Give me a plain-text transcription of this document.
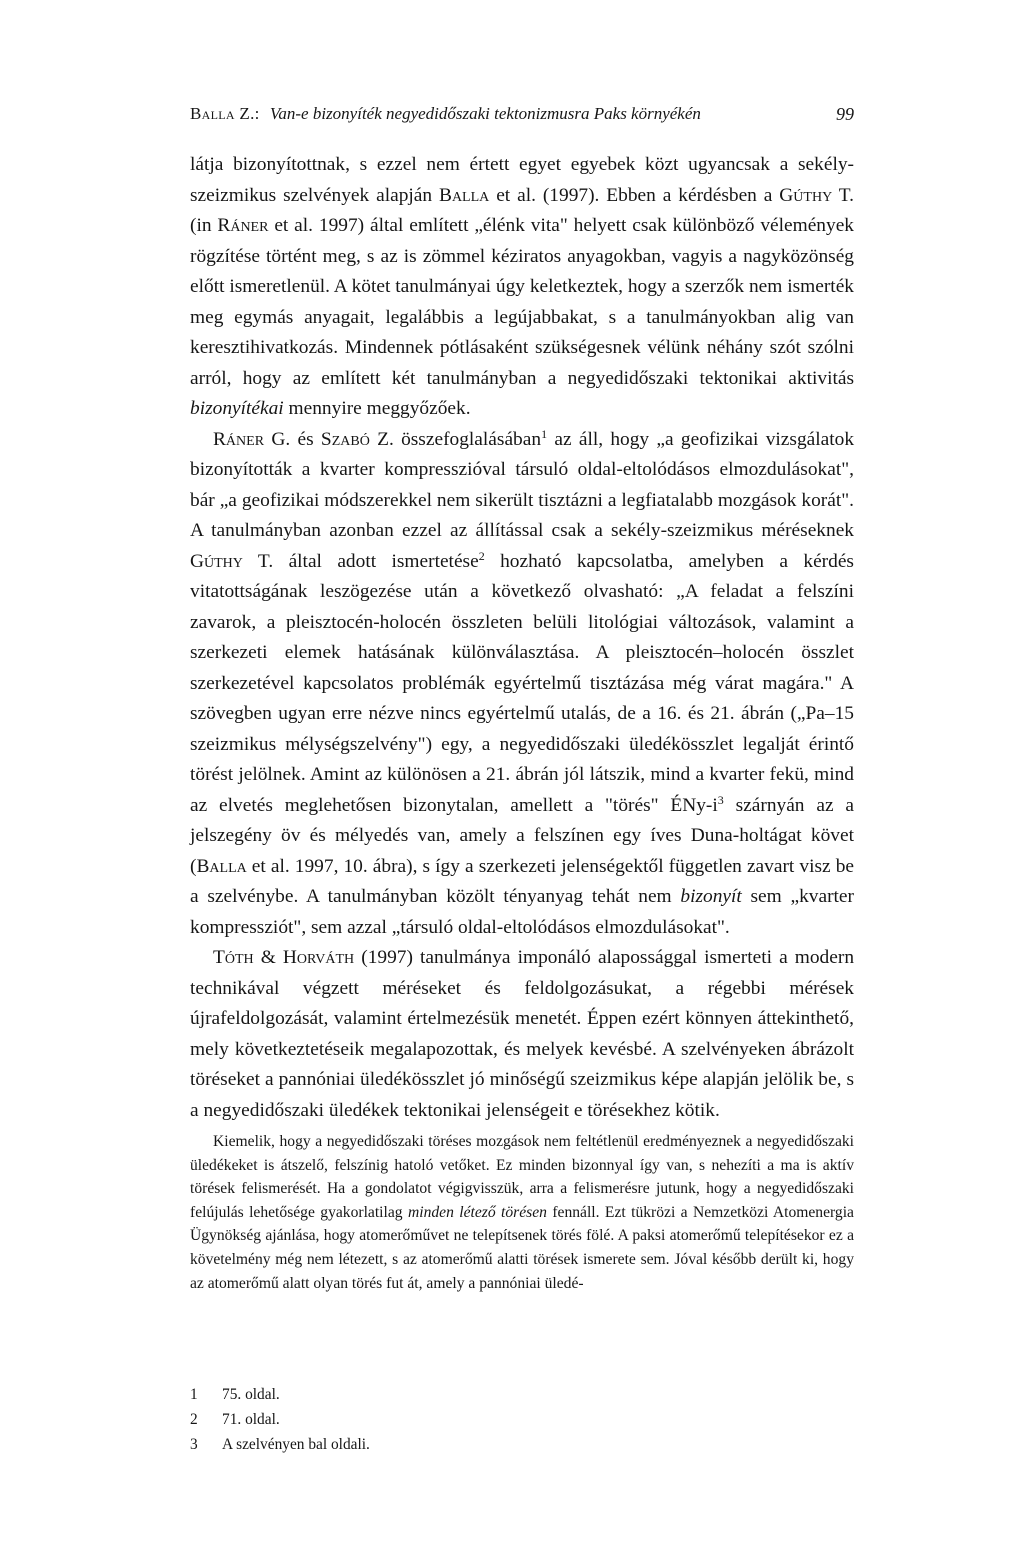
Balla Z.: Van-e bizonyíték negyedidőszaki tektonizmusra Paks környékén	99

látja bizonyítottnak, s ezzel nem értett egyet egyebek közt ugyancsak a sekély-szeizmikus szelvények alapján Balla et al. (1997). Ebben a kérdésben a Gúthy T. (in Ráner et al. 1997) által említett „élénk vita" helyett csak különböző vélemények rögzítése történt meg, s az is zömmel kéziratos anyagokban, vagyis a nagyközönség előtt ismeretlenül. A kötet tanulmányai úgy keletkeztek, hogy a szerzők nem ismerték meg egymás anyagait, legalábbis a legújabbakat, s a tanulmányokban alig van keresztihivatkozás. Mindennek pótlásaként szükségesnek vélünk néhány szót szólni arról, hogy az említett két tanulmányban a negyedidőszaki tektonikai aktivitás bizonyítékai mennyire meggyőzőek.

Ráner G. és Szabó Z. összefoglalásában$^1$ az áll, hogy „a geofizikai vizsgálatok bizonyították a kvarter kompresszióval társuló oldal-eltolódásos elmozdulásokat", bár „a geofizikai módszerekkel nem sikerült tisztázni a legfiatalabb mozgások korát". A tanulmányban azonban ezzel az állítással csak a sekély-szeizmikus méréseknek Gúthy T. által adott ismertetése$^2$ hozható kapcsolatba, amelyben a kérdés vitatottságának leszögezése után a következő olvasható: „A feladat a felszíni zavarok, a pleisztocén-holocén összleten belüli litológiai változások, valamint a szerkezeti elemek hatásának különválasztása. A pleisztocén–holocén összlet szerkezetével kapcsolatos problémák egyértelmű tisztázása még várat magára." A szövegben ugyan erre nézve nincs egyértelmű utalás, de a 16. és 21. ábrán („Pa–15 szeizmikus mélységszelvény") egy, a negyedidőszaki üledékösszlet legalját érintő törést jelölnek. Amint az különösen a 21. ábrán jól látszik, mind a kvarter fekü, mind az elvetés meglehetősen bizonytalan, amellett a "törés" ÉNy-$i^3$ szárnyán az a jelszegény öv és mélyedés van, amely a felszínen egy íves Duna-holtágat követ (Balla et al. 1997, 10. ábra), s így a szerkezeti jelenségektől független zavart visz be a szelvénybe. A tanulmányban közölt tényanyag tehát nem bizonyít sem „kvarter kompressziót", sem azzal „társuló oldal-eltolódásos elmozdulásokat".

Tóth & Horváth (1997) tanulmánya imponáló alapossággal ismerteti a modern technikával végzett méréseket és feldolgozásukat, a régebbi mérések újrafeldolgozását, valamint értelmezésük menetét. Éppen ezért könnyen áttekinthető, mely következtetéseik megalapozottak, és melyek kevésbé. A szelvényeken ábrázolt töréseket a pannóniai üledékösszlet jó minőségű szeizmikus képe alapján jelölik be, s a negyedidőszaki üledékek tektonikai jelenségeit e törésekhez kötik.

Kiemelik, hogy a negyedidőszaki töréses mozgások nem feltétlenül eredményeznek a negyedidőszaki üledékeket is átszelő, felszínig hatoló vetőket. Ez minden bizonnyal így van, s nehezíti a ma is aktív törések felismerését. Ha a gondolatot végigvisszük, arra a felismerésre jutunk, hogy a negyedidőszaki felújulás lehetősége gyakorlatilag minden létező törésen fennáll. Ezt tükrözi a Nemzetközi Atomenergia Ügynökség ajánlása, hogy atomerőművet ne telepítsenek törés fölé. A paksi atomerőmű telepítésekor ez a követelmény még nem létezett, s az atomerőmű alatti törések ismerete sem. Jóval később derült ki, hogy az atomerőmű alatt olyan törés fut át, amely a pannóniai üledé-

1	75. oldal.
2	71. oldal.
3	A szelvényen bal oldali.
